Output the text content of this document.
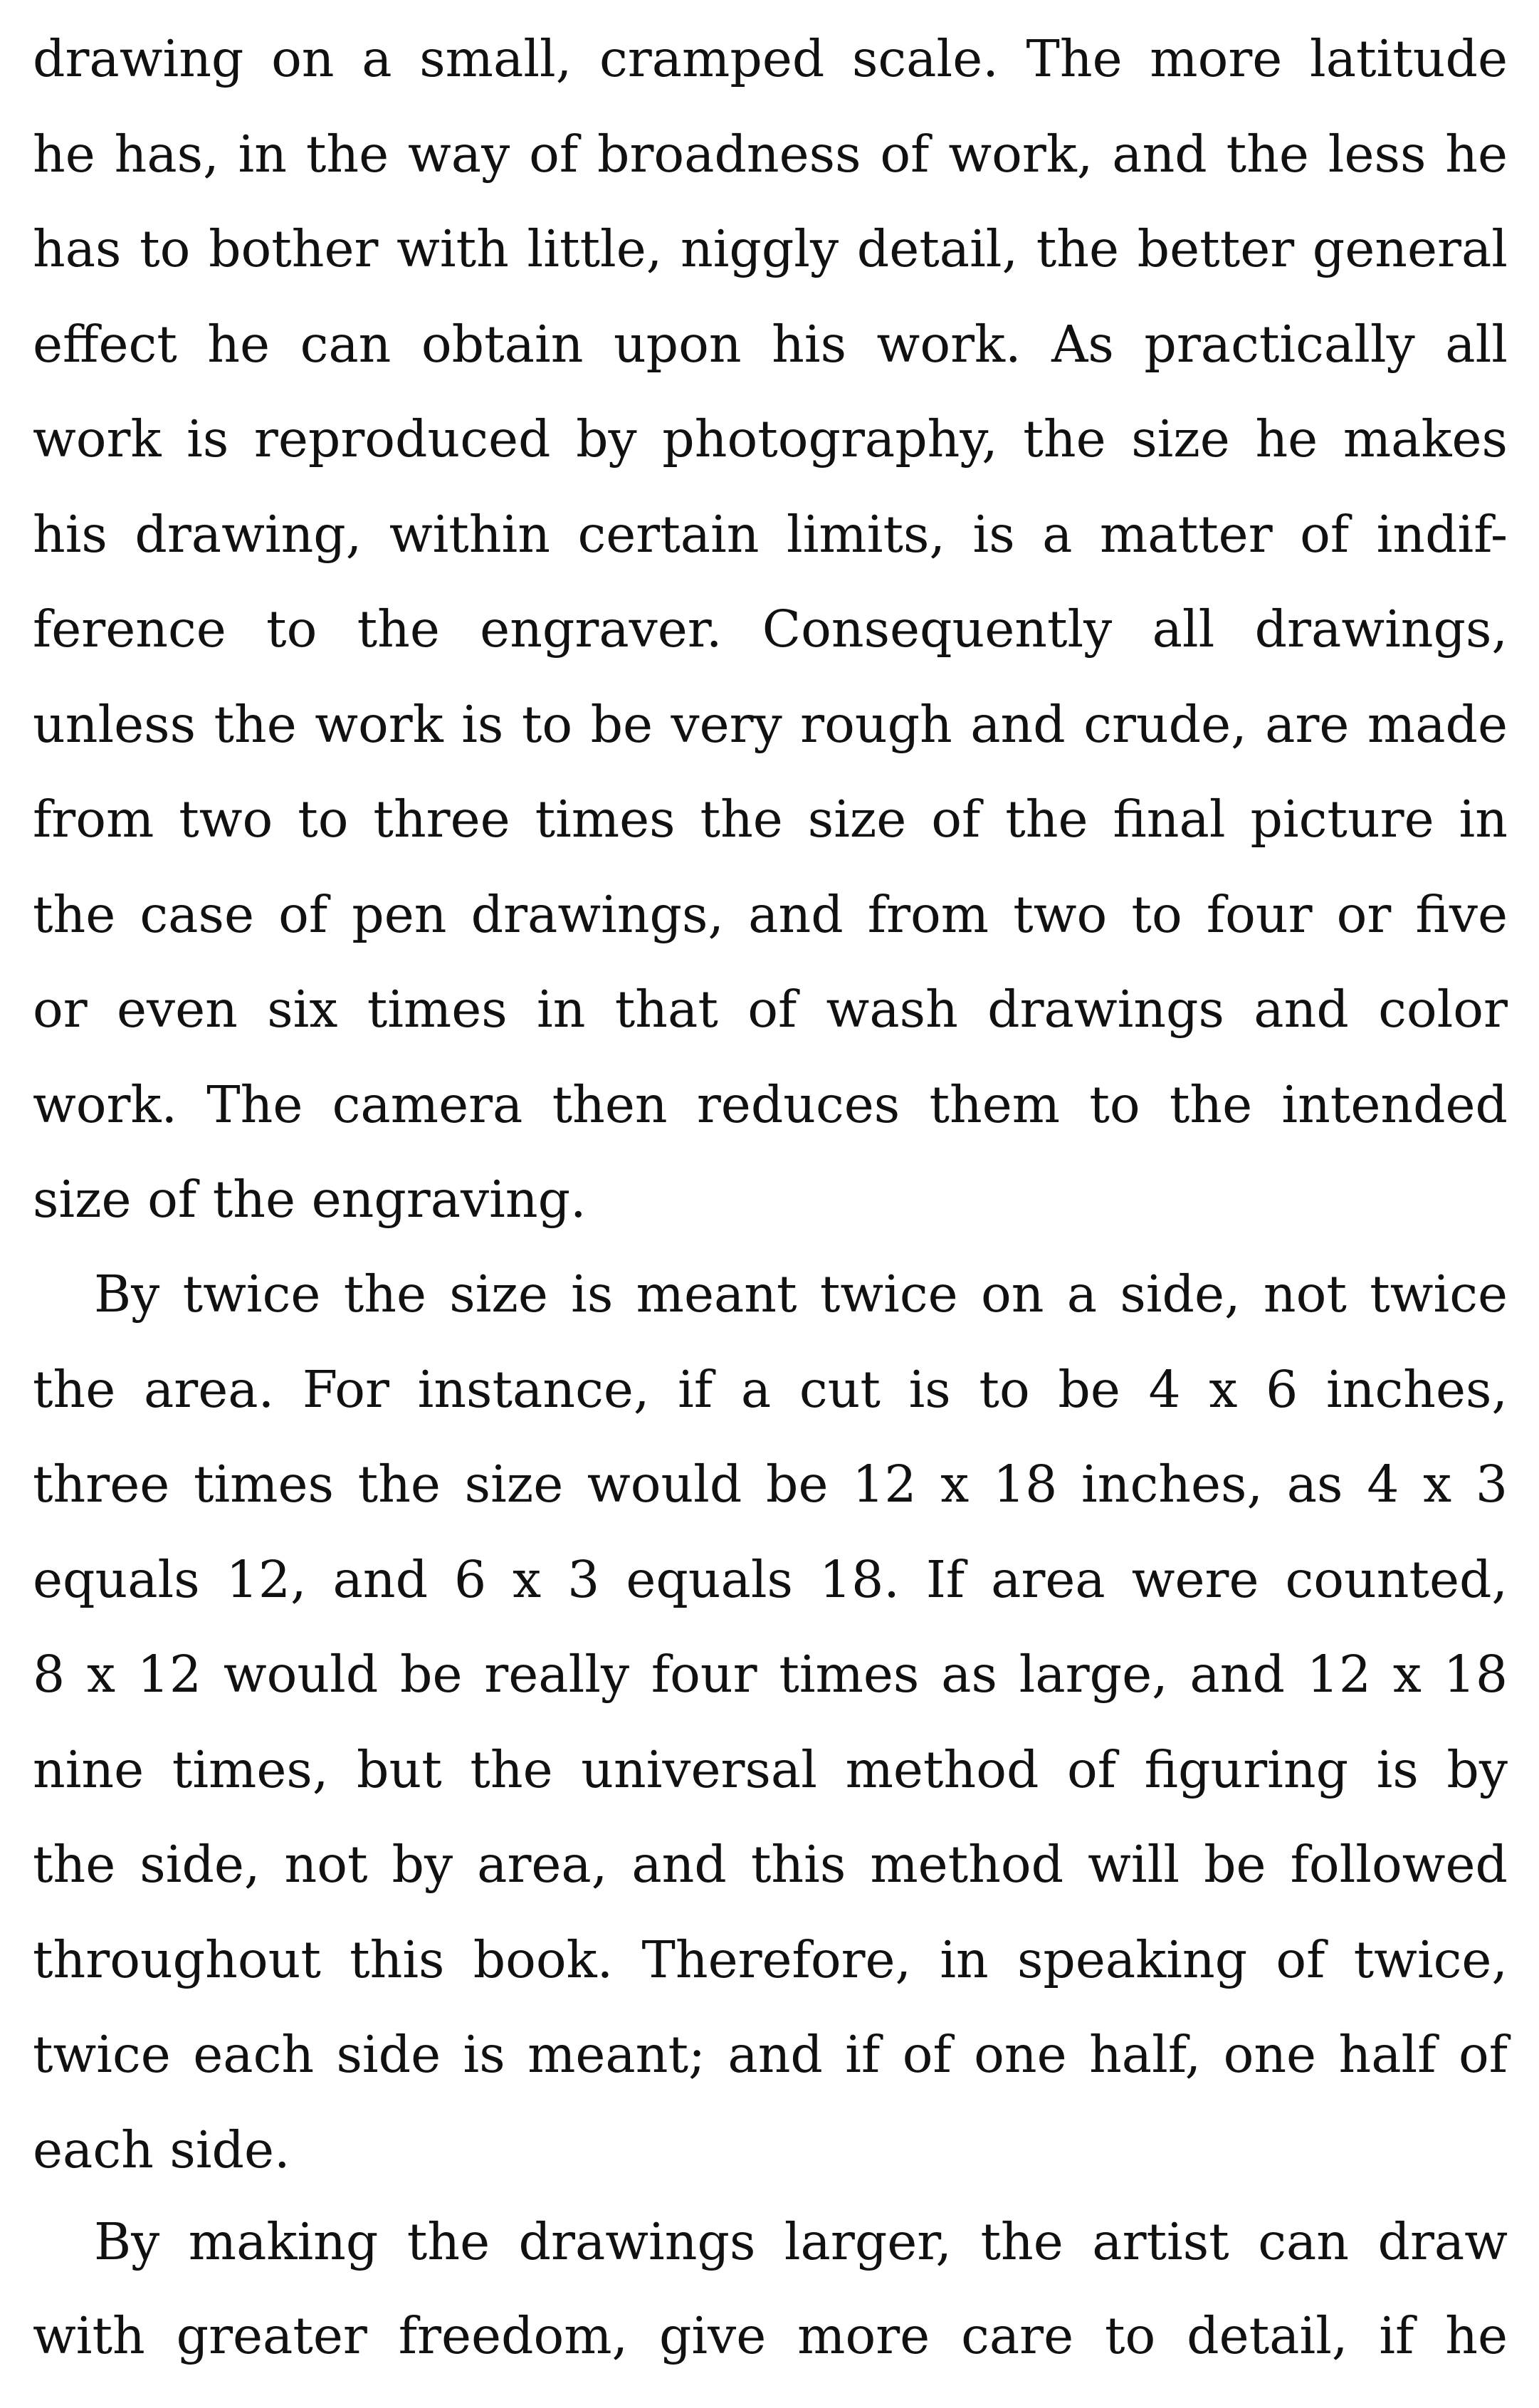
drawing on a small, cramped scale. The more latitude
he has, in the way of broadness of work, and the less he
has to bother with little, niggly detail, the better general
effect he can obtain upon his work. As practically all
work is reproduced by photography, the size he makes
his drawing, within certain limits, is a matter of indif-
ference to the engraver. Consequently all drawings,
unless the work is to be very rough and crude, are made
from two to three times the size of the final picture in
the case of pen drawings, and from two to four or five
or even six times in that of wash drawings and color
work. The camera then reduces them to the intended
size of the engraving.
By twice the size is meant twice on a side, not twice
the area. For instance, if a cut is to be 4 x 6 inches,
three times the size would be 12 x 18 inches, as 4 x 3
equals 12, and 6 x 3 equals 18. If area were counted,
8 x 12 would be really four times as large, and 12 x 18
nine times, but the universal method of figuring is by
the side, not by area, and this method will be followed
throughout this book. Therefore, in speaking of twice,
twice each side is meant; and if of one half, one half of
each side.
By making the drawings larger, the artist can draw
with greater freedom, give more care to detail, if he
